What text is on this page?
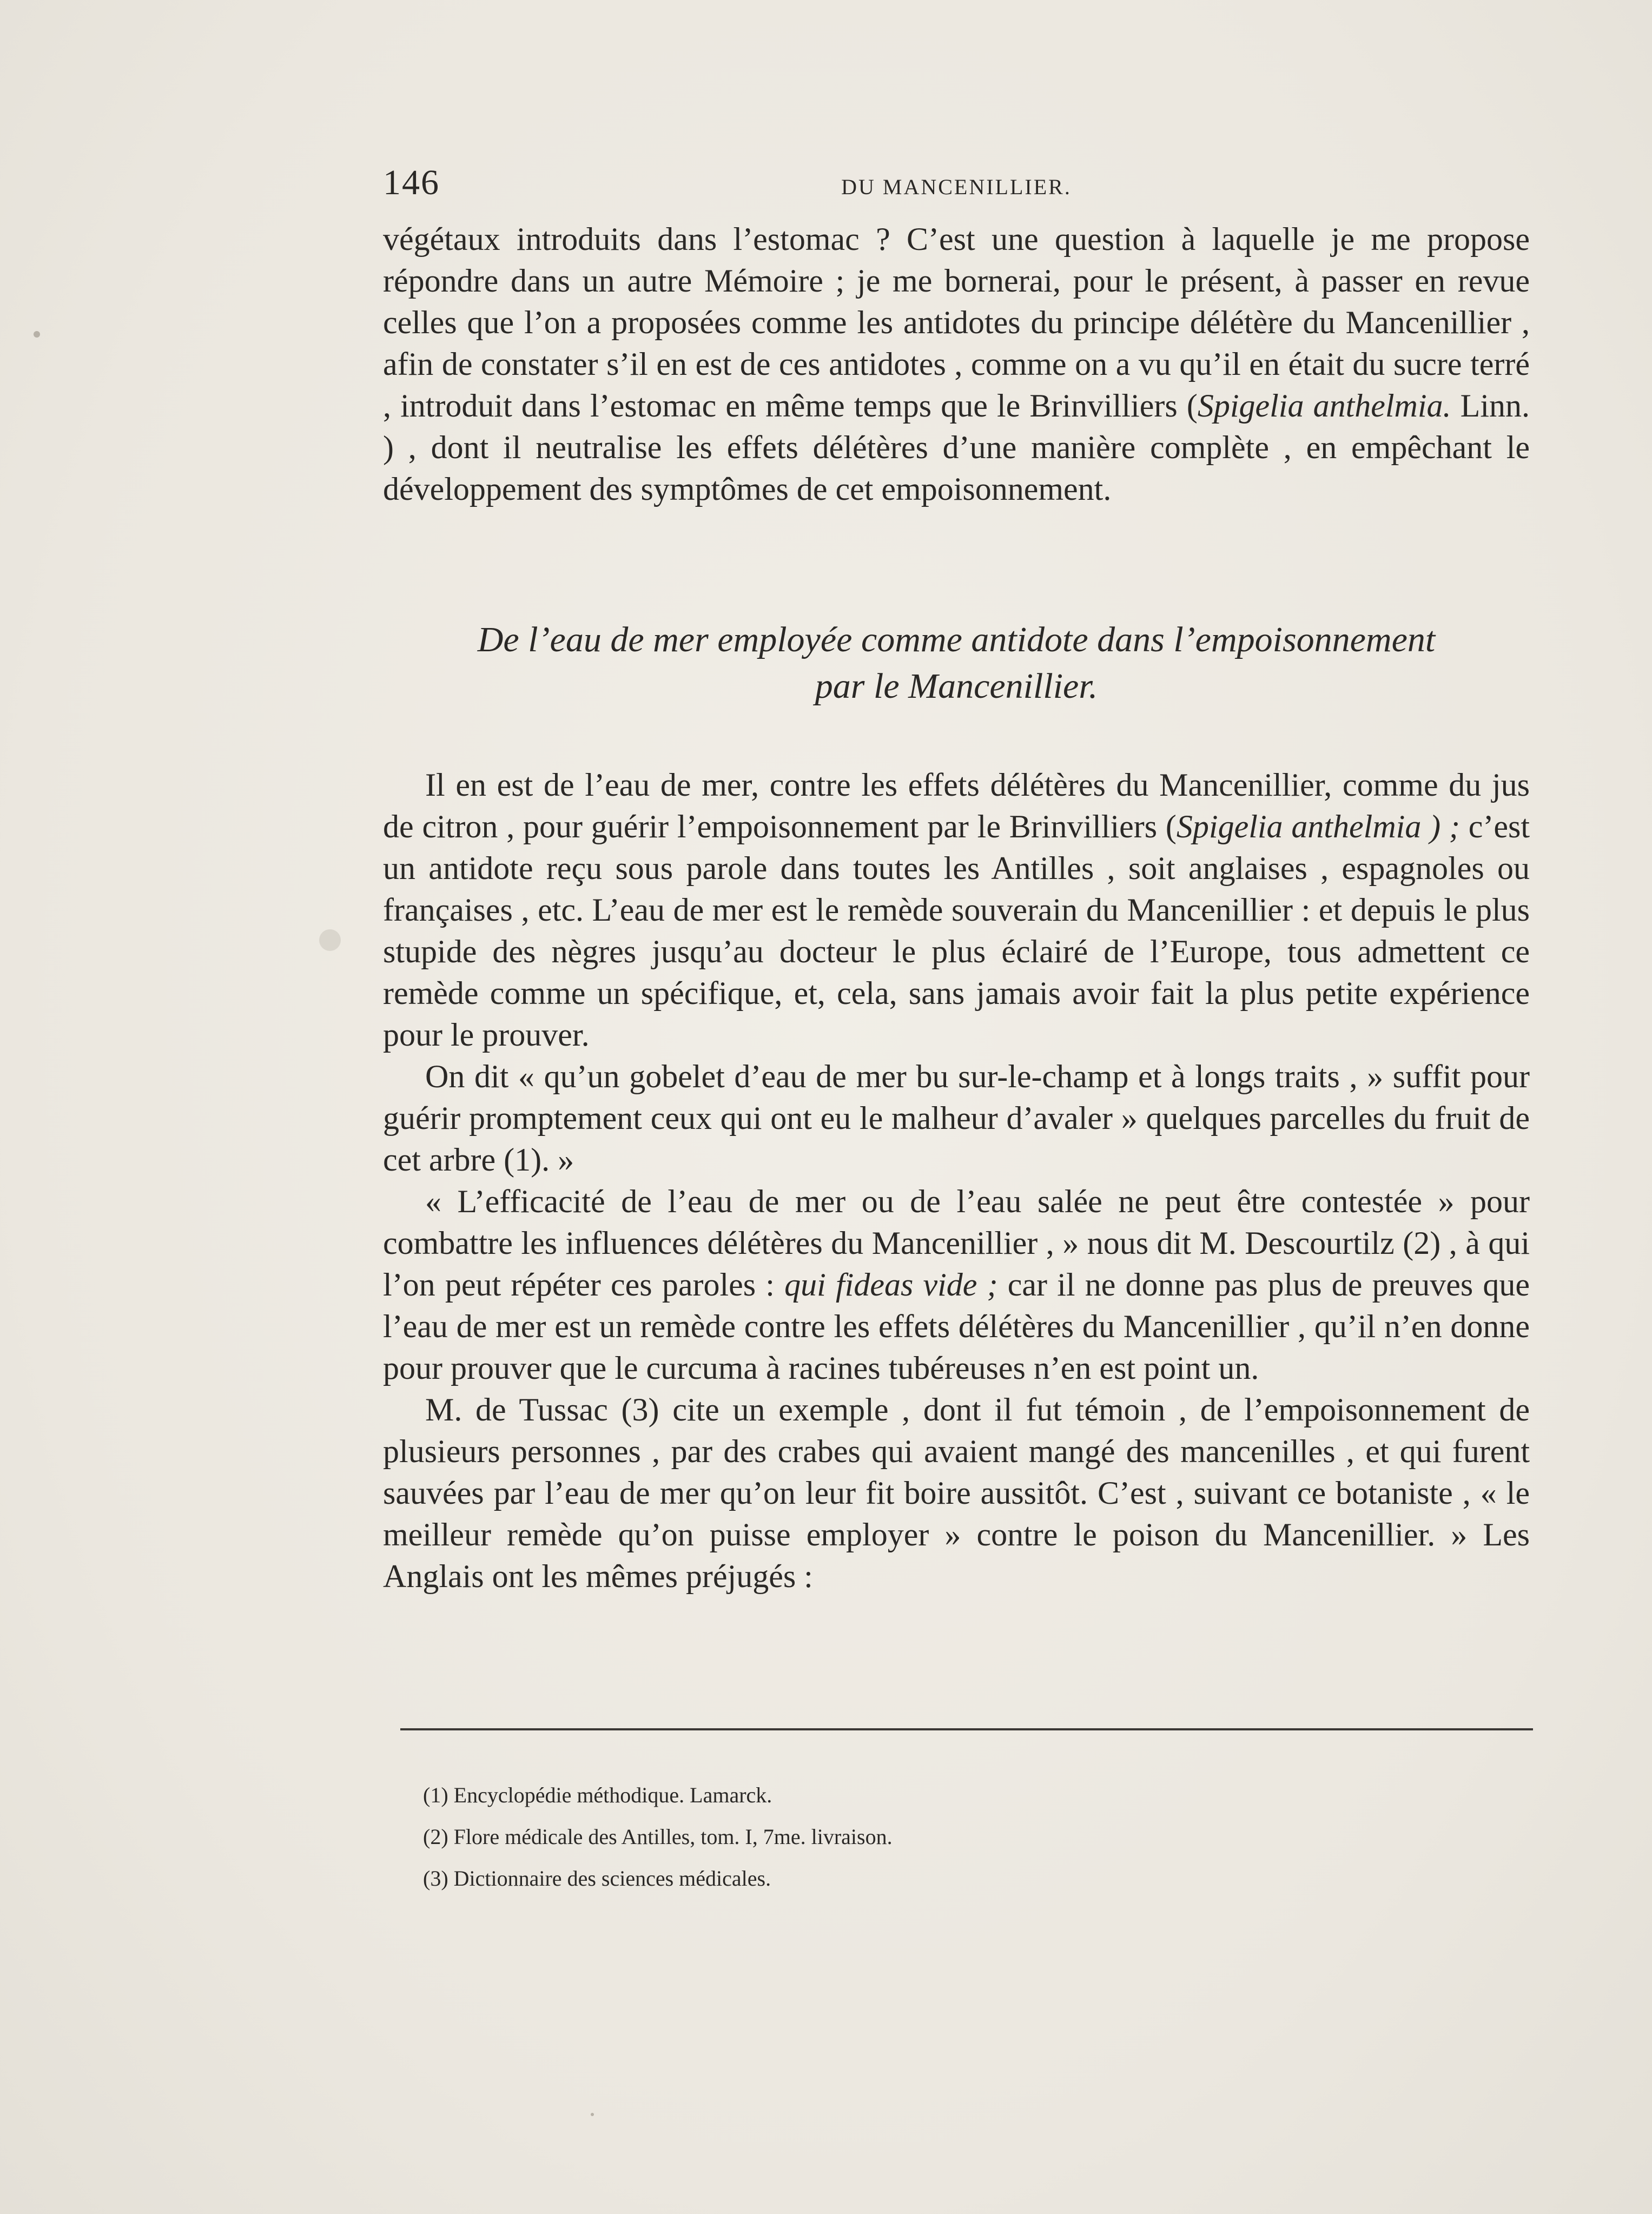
146	DU MANCENILLIER.

végétaux introduits dans l’estomac ? C’est une question à laquelle je me propose répondre dans un autre Mémoire ; je me bornerai, pour le présent, à passer en revue celles que l’on a proposées comme les antidotes du principe délétère du Mancenillier , afin de constater s’il en est de ces antidotes , comme on a vu qu’il en était du sucre terré , introduit dans l’estomac en même temps que le Brinvilliers (Spigelia anthelmia. Linn. ) , dont il neutralise les effets délétères d’une manière complète , en empêchant le développement des symptômes de cet empoisonnement.

De l’eau de mer employée comme antidote dans l’empoisonnement
par le Mancenillier.

Il en est de l’eau de mer, contre les effets délétères du Mancenillier, comme du jus de citron , pour guérir l’empoisonnement par le Brinvilliers (Spigelia anthelmia ) ; c’est un antidote reçu sous parole dans toutes les Antilles , soit anglaises , espagnoles ou françaises , etc. L’eau de mer est le remède souverain du Mancenillier : et depuis le plus stupide des nègres jusqu’au docteur le plus éclairé de l’Europe, tous admettent ce remède comme un spécifique, et, cela, sans jamais avoir fait la plus petite expérience pour le prouver.

On dit « qu’un gobelet d’eau de mer bu sur-le-champ et à longs traits , » suffit pour guérir promptement ceux qui ont eu le malheur d’avaler » quelques parcelles du fruit de cet arbre (1). »

« L’efficacité de l’eau de mer ou de l’eau salée ne peut être contestée » pour combattre les influences délétères du Mancenillier , » nous dit M. Descourtilz (2) , à qui l’on peut répéter ces paroles : qui fideas vide ; car il ne donne pas plus de preuves que l’eau de mer est un remède contre les effets délétères du Mancenillier , qu’il n’en donne pour prouver que le curcuma à racines tubéreuses n’en est point un.

M. de Tussac (3) cite un exemple , dont il fut témoin , de l’empoisonnement de plusieurs personnes , par des crabes qui avaient mangé des mancenilles , et qui furent sauvées par l’eau de mer qu’on leur fit boire aussitôt. C’est , suivant ce botaniste , « le meilleur remède qu’on puisse employer » contre le poison du Mancenillier. » Les Anglais ont les mêmes préjugés :

(1) Encyclopédie méthodique. Lamarck.

(2) Flore médicale des Antilles, tom. I, 7me. livraison.

(3) Dictionnaire des sciences médicales.
